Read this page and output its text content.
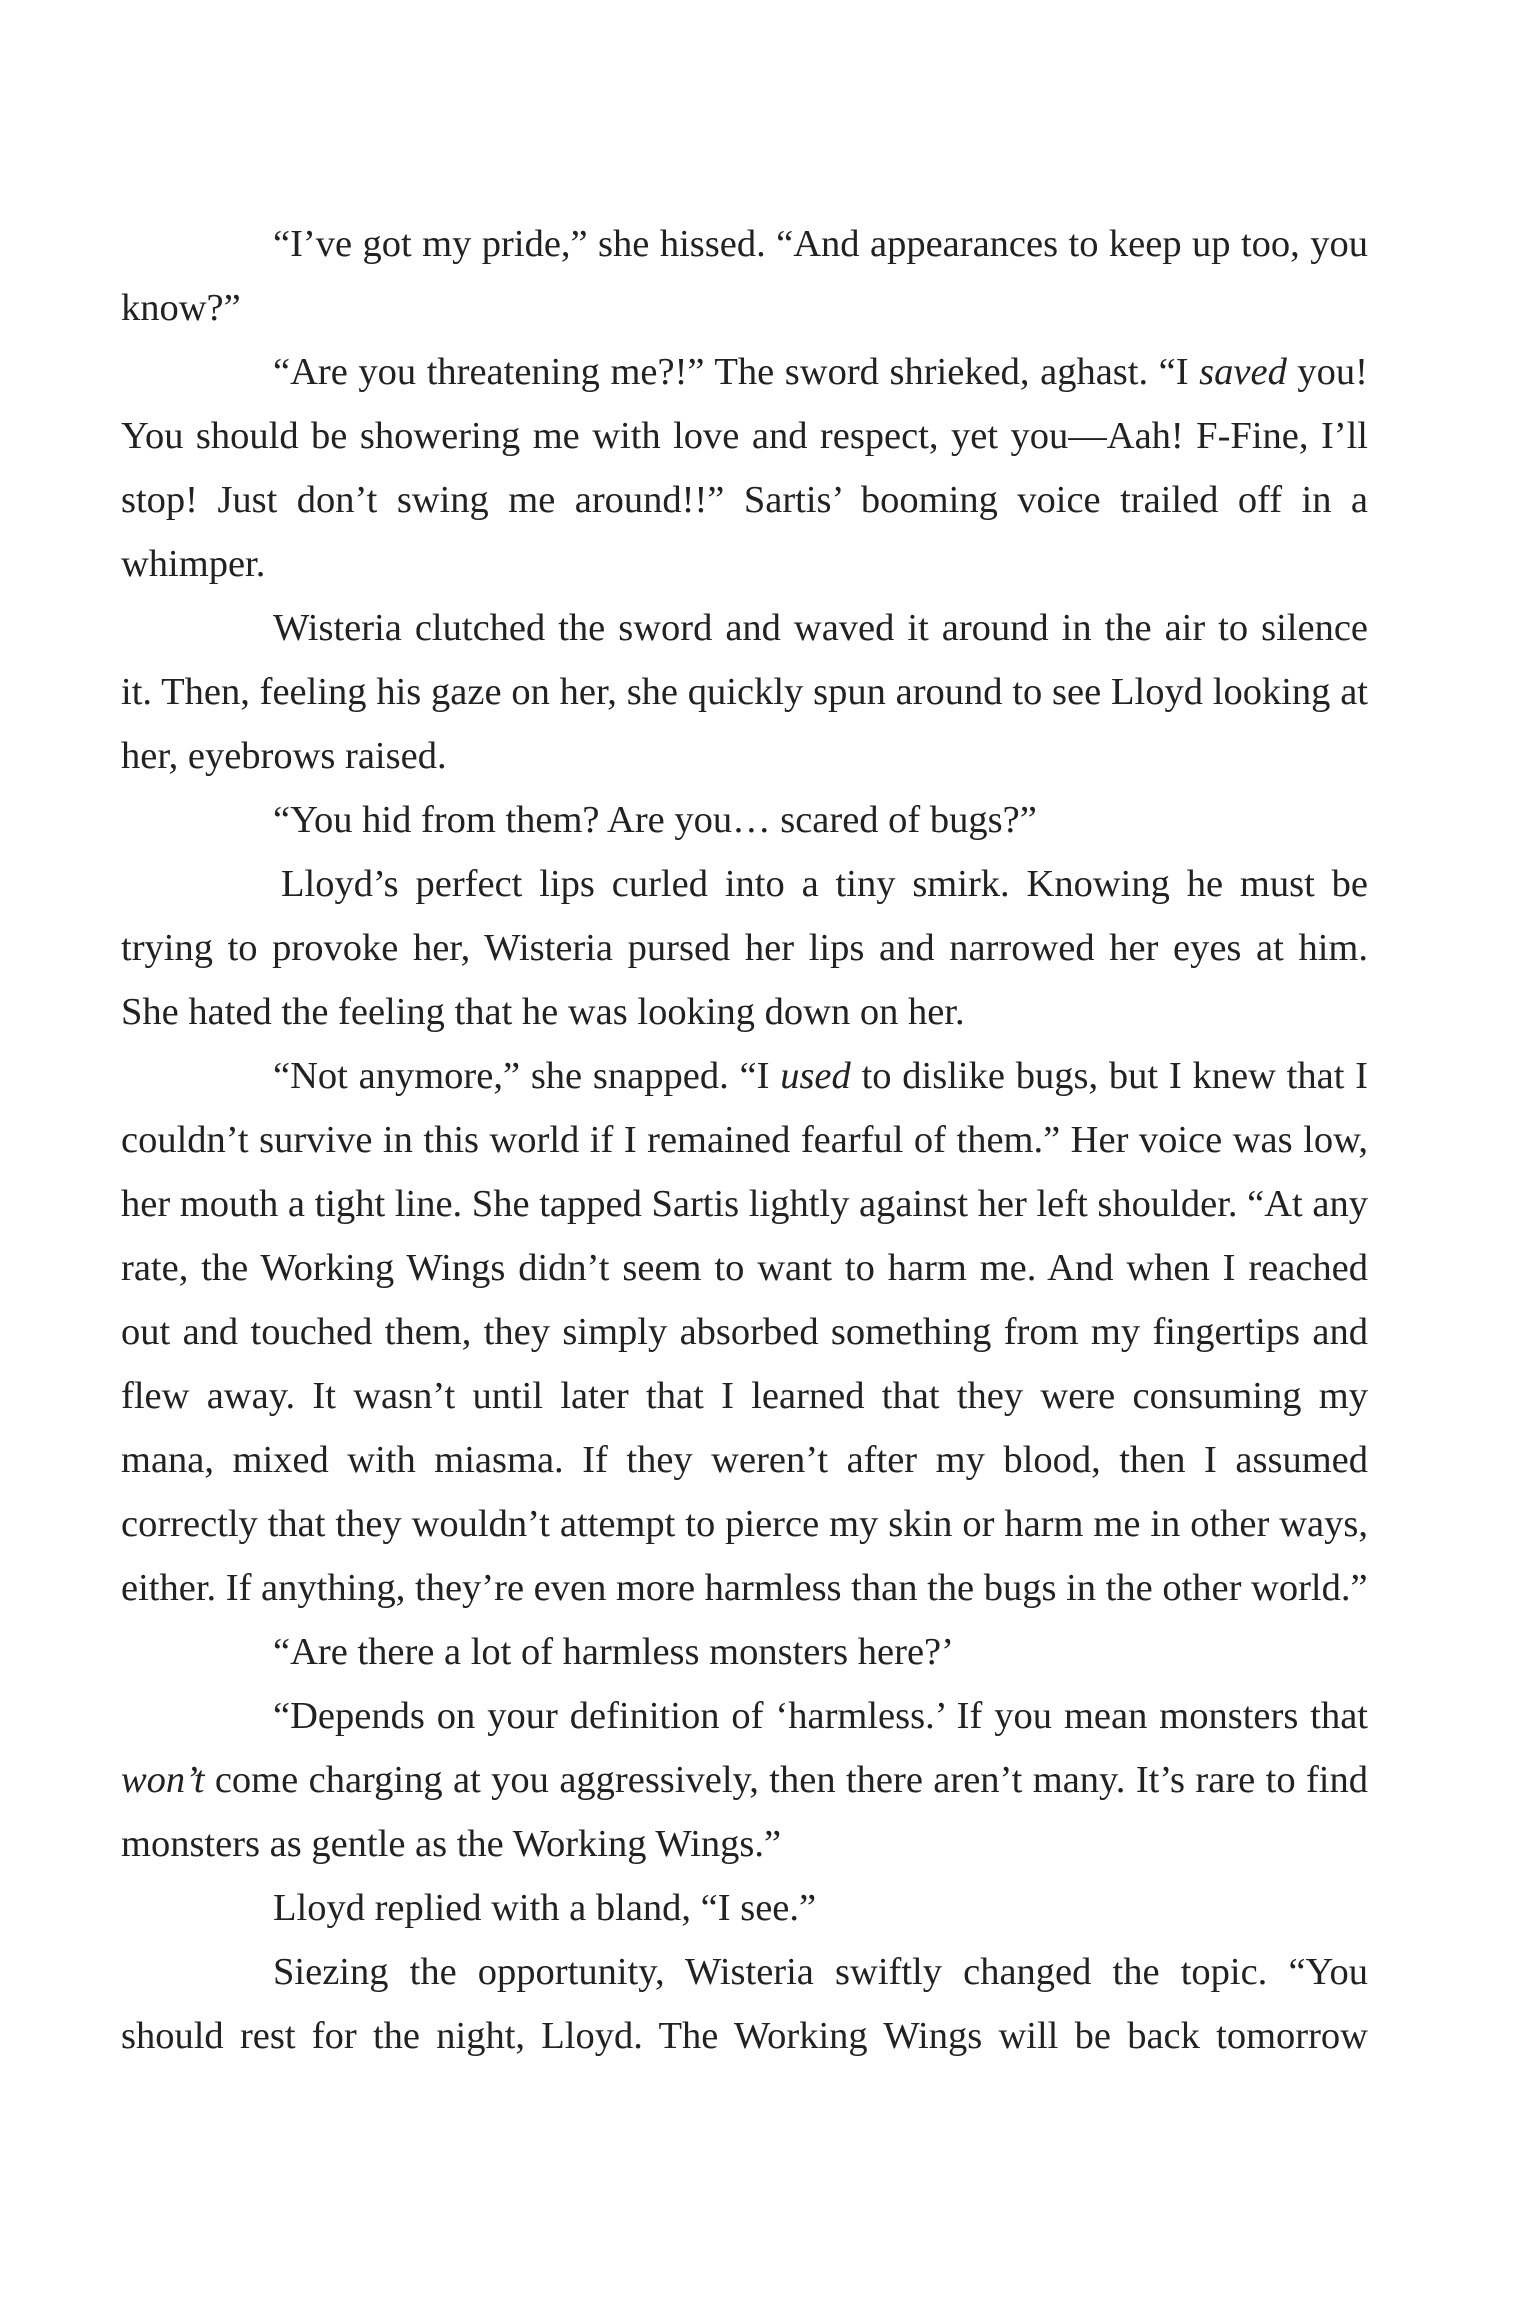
“I’ve got my pride,” she hissed. “And appearances to keep up too, you know?”

“Are you threatening me?!” The sword shrieked, aghast. “I saved you! You should be showering me with love and respect, yet you—Aah! F-Fine, I’ll stop! Just don’t swing me around!!” Sartis’ booming voice trailed off in a whimper.

Wisteria clutched the sword and waved it around in the air to silence it. Then, feeling his gaze on her, she quickly spun around to see Lloyd looking at her, eyebrows raised.

“You hid from them? Are you… scared of bugs?”

Lloyd’s perfect lips curled into a tiny smirk. Knowing he must be trying to provoke her, Wisteria pursed her lips and narrowed her eyes at him. She hated the feeling that he was looking down on her.

“Not anymore,” she snapped. “I used to dislike bugs, but I knew that I couldn’t survive in this world if I remained fearful of them.” Her voice was low, her mouth a tight line. She tapped Sartis lightly against her left shoulder. “At any rate, the Working Wings didn’t seem to want to harm me. And when I reached out and touched them, they simply absorbed something from my fingertips and flew away. It wasn’t until later that I learned that they were consuming my mana, mixed with miasma. If they weren’t after my blood, then I assumed correctly that they wouldn’t attempt to pierce my skin or harm me in other ways, either. If anything, they’re even more harmless than the bugs in the other world.”

“Are there a lot of harmless monsters here?’

“Depends on your definition of ‘harmless.’ If you mean monsters that won’t come charging at you aggressively, then there aren’t many. It’s rare to find monsters as gentle as the Working Wings.”

Lloyd replied with a bland, “I see.”

Siezing the opportunity, Wisteria swiftly changed the topic. “You should rest for the night, Lloyd. The Working Wings will be back tomorrow
